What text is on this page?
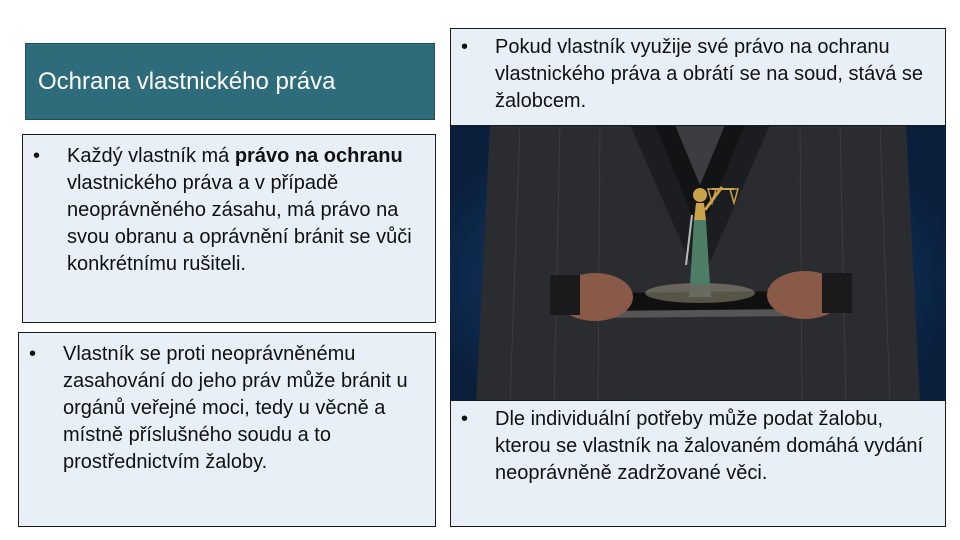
Ochrana vlastnického práva
• Každý vlastník má právo na ochranu vlastnického práva a v případě neoprávněného zásahu, má právo na svou obranu a oprávnění bránit se vůči konkrétnímu rušiteli.
• Vlastník se proti neoprávněnému zasahování do jeho práv může bránit u orgánů veřejné moci, tedy u věcně a místně příslušného soudu a to prostřednictvím žaloby.
• Pokud vlastník využije své právo na ochranu vlastnického práva a obrátí se na soud, stává se žalobcem.
• Dle individuální potřeby může podat žalobu, kterou se vlastník na žalovaném domáhá vydání neoprávněně zadržované věci.
